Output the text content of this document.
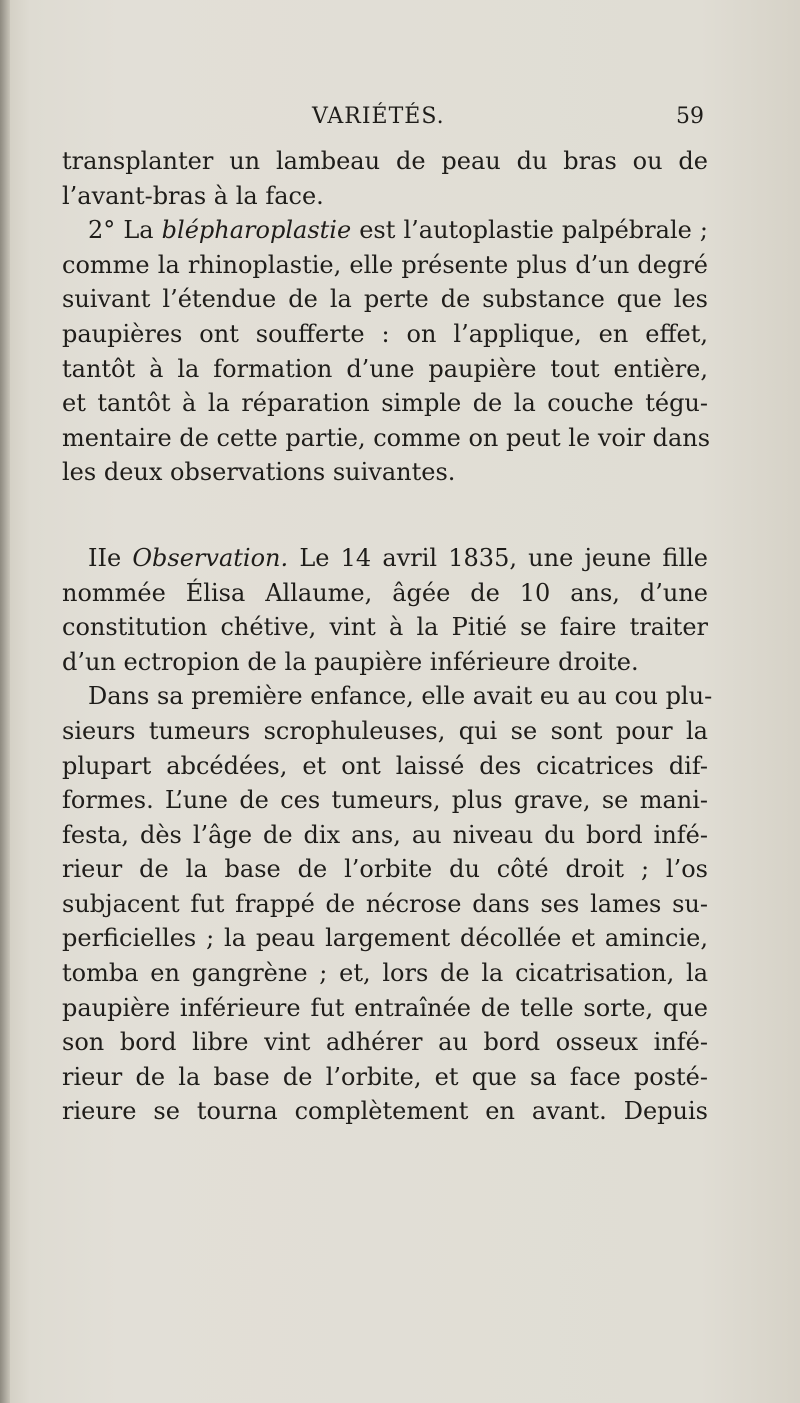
VARIÉTÉS.	59
transplanter un lambeau de peau du bras ou de
l’avant-bras à la face.
2° La blépharoplastie est l’autoplastie palpébrale ;
comme la rhinoplastie, elle présente plus d’un degré
suivant l’étendue de la perte de substance que les
paupières ont soufferte : on l’applique, en effet,
tantôt à la formation d’une paupière tout entière,
et tantôt à la réparation simple de la couche tégu-
mentaire de cette partie, comme on peut le voir dans
les deux observations suivantes.
IIe Observation. Le 14 avril 1835, une jeune fille
nommée Élisa Allaume, âgée de 10 ans, d’une
constitution chétive, vint à la Pitié se faire traiter
d’un ectropion de la paupière inférieure droite.
Dans sa première enfance, elle avait eu au cou plu-
sieurs tumeurs scrophuleuses, qui se sont pour la
plupart abcédées, et ont laissé des cicatrices dif-
formes. L’une de ces tumeurs, plus grave, se mani-
festa, dès l’âge de dix ans, au niveau du bord infé-
rieur de la base de l’orbite du côté droit ; l’os
subjacent fut frappé de nécrose dans ses lames su-
perficielles ; la peau largement décollée et amincie,
tomba en gangrène ; et, lors de la cicatrisation, la
paupière inférieure fut entraînée de telle sorte, que
son bord libre vint adhérer au bord osseux infé-
rieur de la base de l’orbite, et que sa face posté-
rieure se tourna complètement en avant. Depuis
